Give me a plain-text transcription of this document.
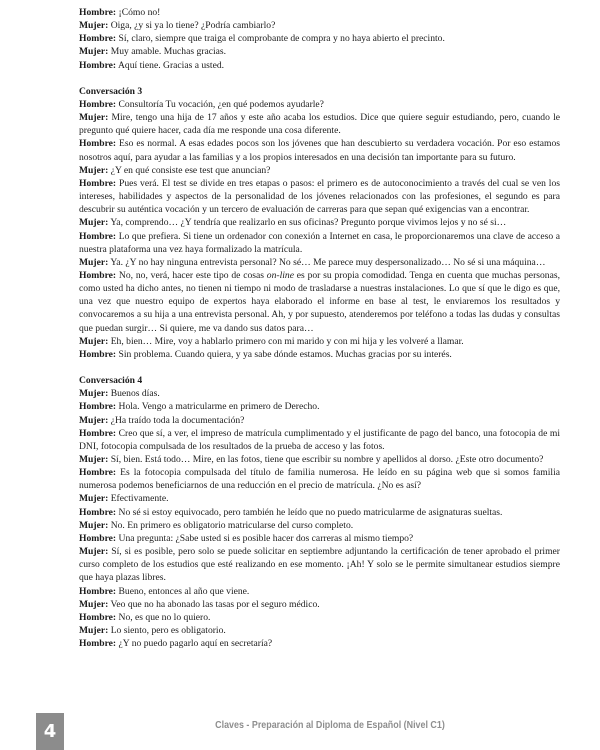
Hombre: ¡Cómo no!
Mujer: Oiga, ¿y si ya lo tiene? ¿Podría cambiarlo?
Hombre: Sí, claro, siempre que traiga el comprobante de compra y no haya abierto el precinto.
Mujer: Muy amable. Muchas gracias.
Hombre: Aquí tiene. Gracias a usted.
Conversación 3
Hombre: Consultoría Tu vocación, ¿en qué podemos ayudarle?
Mujer: Mire, tengo una hija de 17 años y este año acaba los estudios. Dice que quiere seguir estudiando, pero, cuando le pregunto qué quiere hacer, cada día me responde una cosa diferente.
Hombre: Eso es normal. A esas edades pocos son los jóvenes que han descubierto su verdadera vocación. Por eso estamos nosotros aquí, para ayudar a las familias y a los propios interesados en una decisión tan importante para su futuro.
Mujer: ¿Y en qué consiste ese test que anuncian?
Hombre: Pues verá. El test se divide en tres etapas o pasos: el primero es de autoconocimiento a través del cual se ven los intereses, habilidades y aspectos de la personalidad de los jóvenes relacionados con las profesiones, el segundo es para descubrir su auténtica vocación y un tercero de evaluación de carreras para que sepan qué exigencias van a encontrar.
Mujer: Ya, comprendo… ¿Y tendría que realizarlo en sus oficinas? Pregunto porque vivimos lejos y no sé si…
Hombre: Lo que prefiera. Si tiene un ordenador con conexión a Internet en casa, le proporcionaremos una clave de acceso a nuestra plataforma una vez haya formalizado la matrícula.
Mujer: Ya. ¿Y no hay ninguna entrevista personal? No sé… Me parece muy despersonalizado… No sé si una máquina…
Hombre: No, no, verá, hacer este tipo de cosas on-line es por su propia comodidad. Tenga en cuenta que muchas personas, como usted ha dicho antes, no tienen ni tiempo ni modo de trasladarse a nuestras instalaciones. Lo que sí que le digo es que, una vez que nuestro equipo de expertos haya elaborado el informe en base al test, le enviaremos los resultados y convocaremos a su hija a una entrevista personal. Ah, y por supuesto, atenderemos por teléfono a todas las dudas y consultas que puedan surgir… Si quiere, me va dando sus datos para…
Mujer: Eh, bien… Mire, voy a hablarlo primero con mi marido y con mi hija y les volveré a llamar.
Hombre: Sin problema. Cuando quiera, y ya sabe dónde estamos. Muchas gracias por su interés.
Conversación 4
Mujer: Buenos días.
Hombre: Hola. Vengo a matricularme en primero de Derecho.
Mujer: ¿Ha traído toda la documentación?
Hombre: Creo que sí, a ver, el impreso de matrícula cumplimentado y el justificante de pago del banco, una fotocopia de mi DNI, fotocopia compulsada de los resultados de la prueba de acceso y las fotos.
Mujer: Sí, bien. Está todo… Mire, en las fotos, tiene que escribir su nombre y apellidos al dorso. ¿Este otro documento?
Hombre: Es la fotocopia compulsada del título de familia numerosa. He leído en su página web que si somos familia numerosa podemos beneficiarnos de una reducción en el precio de matrícula. ¿No es así?
Mujer: Efectivamente.
Hombre: No sé si estoy equivocado, pero también he leído que no puedo matricularme de asignaturas sueltas.
Mujer: No. En primero es obligatorio matricularse del curso completo.
Hombre: Una pregunta: ¿Sabe usted si es posible hacer dos carreras al mismo tiempo?
Mujer: Sí, si es posible, pero solo se puede solicitar en septiembre adjuntando la certificación de tener aprobado el primer curso completo de los estudios que esté realizando en ese momento. ¡Ah! Y solo se le permite simultanear estudios siempre que haya plazas libres.
Hombre: Bueno, entonces al año que viene.
Mujer: Veo que no ha abonado las tasas por el seguro médico.
Hombre: No, es que no lo quiero.
Mujer: Lo siento, pero es obligatorio.
Hombre: ¿Y no puedo pagarlo aquí en secretaría?
4	Claves - Preparación al Diploma de Español (Nivel C1)
